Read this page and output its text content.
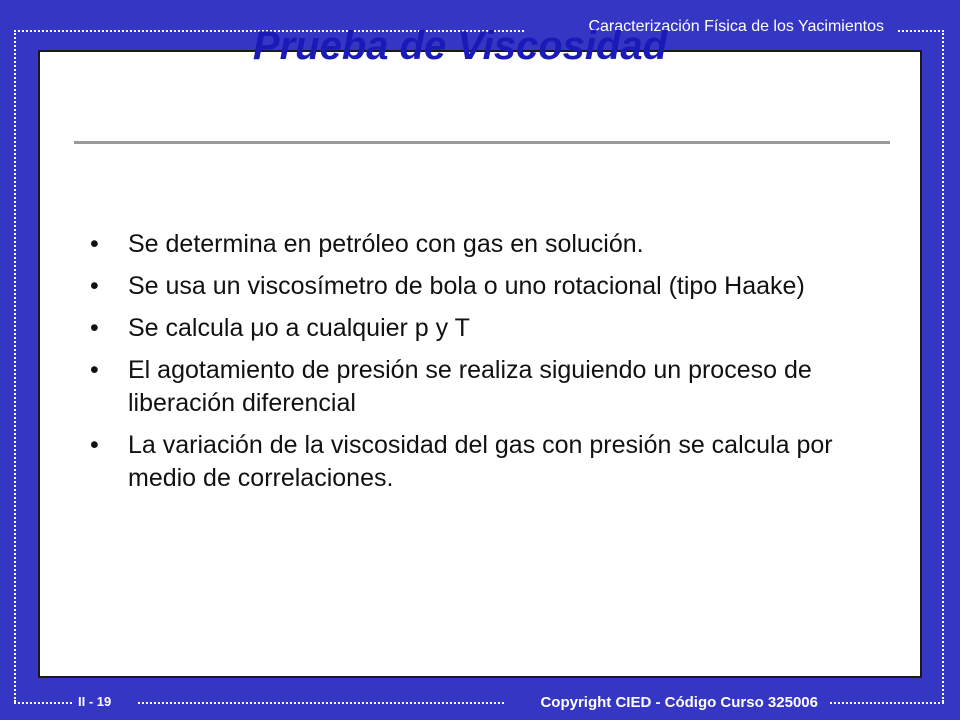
Caracterización Física de los Yacimientos
• Se determina en petróleo con gas en solución.
• Se usa un viscosímetro de bola o uno rotacional (tipo Haake)
• Se calcula μo a cualquier p y T
• El agotamiento de presión se realiza siguiendo un proceso de liberación diferencial
• La variación de la viscosidad del gas con presión se calcula por medio de correlaciones.
Prueba de Viscosidad
II - 19	Copyright CIED - Código Curso 325006
